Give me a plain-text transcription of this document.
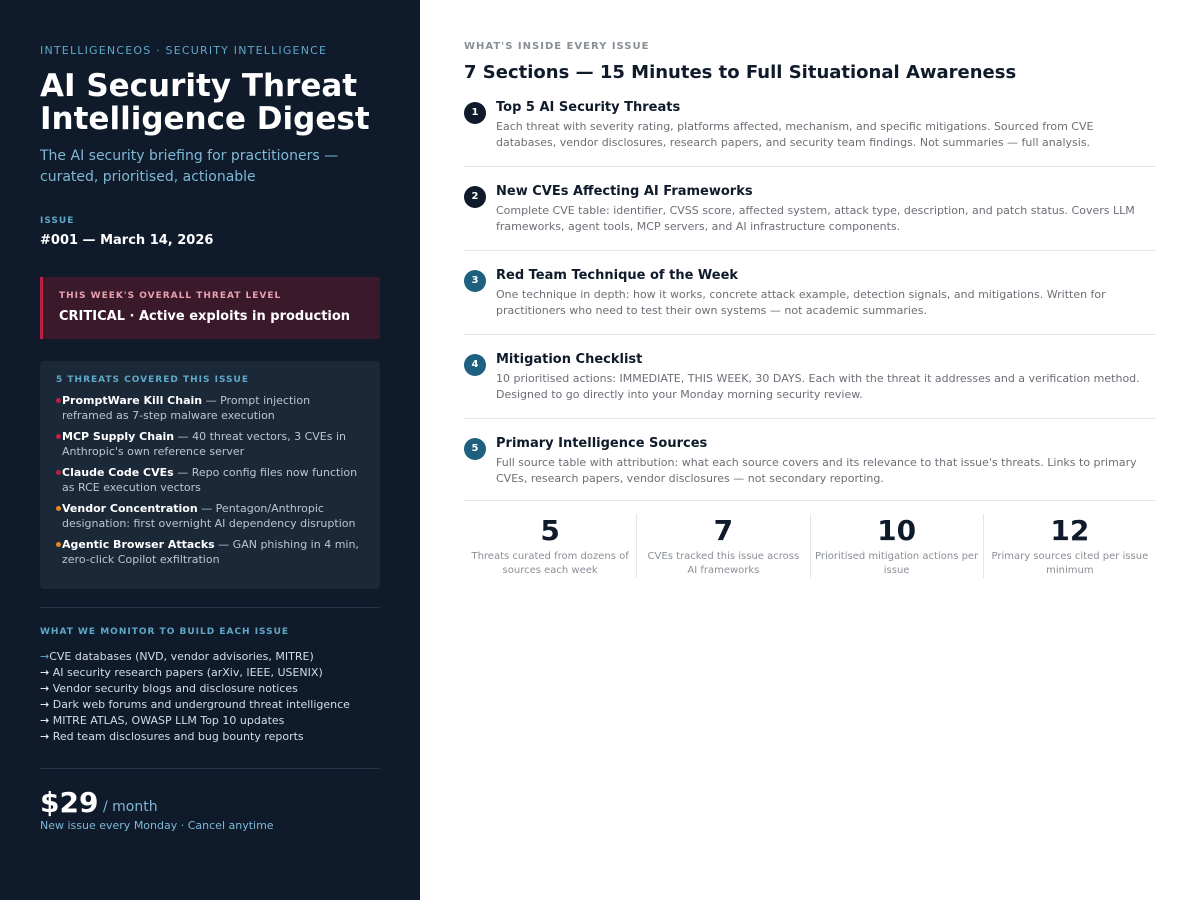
INTELLIGENCEOS · SECURITY INTELLIGENCE
AI Security Threat Intelligence Digest
The AI security briefing for practitioners — curated, prioritised, actionable
ISSUE
#001 — March 14, 2026
THIS WEEK'S OVERALL THREAT LEVEL
CRITICAL · Active exploits in production
5 THREATS COVERED THIS ISSUE
PromptWare Kill Chain — Prompt injection reframed as 7-step malware execution
MCP Supply Chain — 40 threat vectors, 3 CVEs in Anthropic's own reference server
Claude Code CVEs — Repo config files now function as RCE execution vectors
Vendor Concentration — Pentagon/Anthropic designation: first overnight AI dependency disruption
Agentic Browser Attacks — GAN phishing in 4 min, zero-click Copilot exfiltration
WHAT WE MONITOR TO BUILD EACH ISSUE
→CVE databases (NVD, vendor advisories, MITRE)
→ AI security research papers (arXiv, IEEE, USENIX)
→ Vendor security blogs and disclosure notices
→ Dark web forums and underground threat intelligence
→ MITRE ATLAS, OWASP LLM Top 10 updates
→ Red team disclosures and bug bounty reports
$29 / month
New issue every Monday · Cancel anytime
WHAT'S INSIDE EVERY ISSUE
7 Sections — 15 Minutes to Full Situational Awareness
1	Top 5 AI Security Threats
Each threat with severity rating, platforms affected, mechanism, and specific mitigations. Sourced from CVE databases, vendor disclosures, research papers, and security team findings. Not summaries — full analysis.
2	New CVEs Affecting AI Frameworks
Complete CVE table: identifier, CVSS score, affected system, attack type, description, and patch status. Covers LLM frameworks, agent tools, MCP servers, and AI infrastructure components.
3	Red Team Technique of the Week
One technique in depth: how it works, concrete attack example, detection signals, and mitigations. Written for practitioners who need to test their own systems — not academic summaries.
4	Mitigation Checklist
10 prioritised actions: IMMEDIATE, THIS WEEK, 30 DAYS. Each with the threat it addresses and a verification method. Designed to go directly into your Monday morning security review.
5	Primary Intelligence Sources
Full source table with attribution: what each source covers and its relevance to that issue's threats. Links to primary CVEs, research papers, vendor disclosures — not secondary reporting.
5
Threats curated from dozens of sources each week
7
CVEs tracked this issue across AI frameworks
10
Prioritised mitigation actions per issue
12
Primary sources cited per issue minimum
